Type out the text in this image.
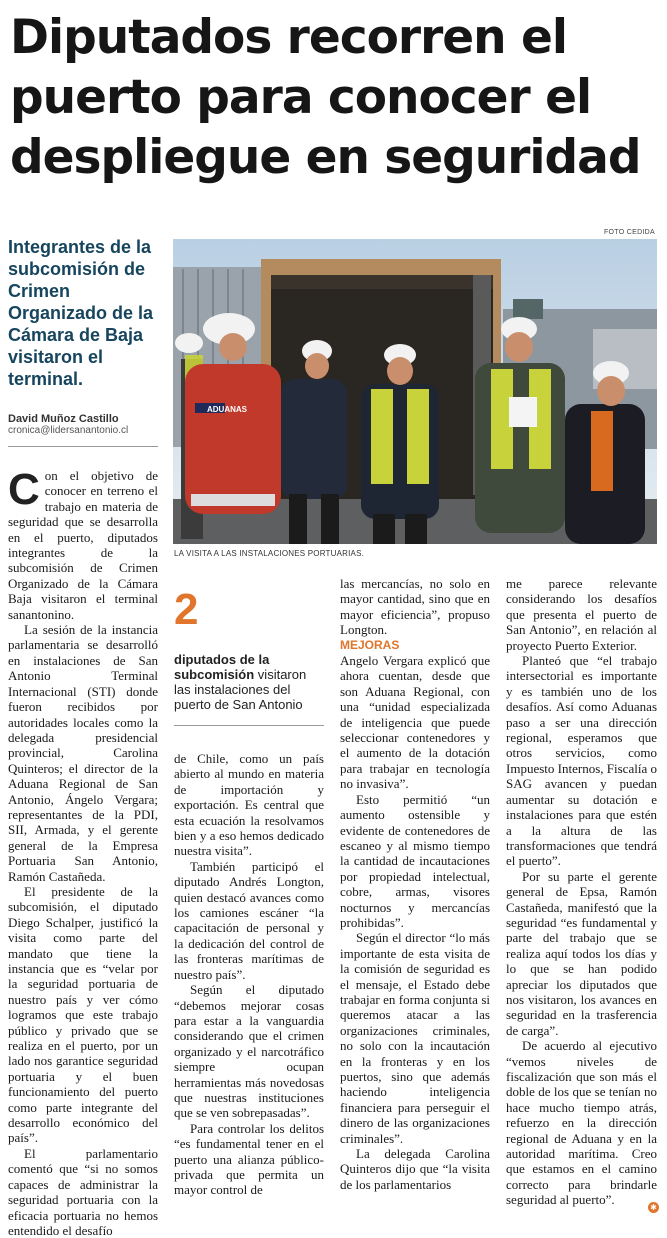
Diputados recorren el puerto para conocer el despliegue en seguridad
FOTO CEDIDA

Integrantes de la subcomisión de Crimen Organizado de la Cámara de Baja visitaron el terminal.

David Muñoz Castillo
cronica@lidersanantonio.cl
ADUANAS
LA VISITA A LAS INSTALACIONES PORTUARIAS.

Con el objetivo de conocer en terreno el trabajo en materia de seguridad que se desarrolla en el puerto, diputados integrantes de la subcomisión de Crimen Organizado de la Cámara Baja visitaron el terminal sanantonino.

La sesión de la instancia parlamentaria se desarrolló en instalaciones de San Antonio Terminal Internacional (STI) donde fueron recibidos por autoridades locales como la delegada presidencial provincial, Carolina Quinteros; el director de la Aduana Regional de San Antonio, Ángelo Vergara; representantes de la PDI, SII, Armada, y el gerente general de la Empresa Portuaria San Antonio, Ramón Castañeda.

El presidente de la subcomisión, el diputado Diego Schalper, justificó la visita como parte del mandato que tiene la instancia que es “velar por la seguridad portuaria de nuestro país y ver cómo logramos que este trabajo público y privado que se realiza en el puerto, por un lado nos garantice seguridad portuaria y el buen funcionamiento del puerto como parte integrante del desarrollo económico del país”.

El parlamentario comentó que “si no somos capaces de administrar la seguridad portuaria con la eficacia portuaria no hemos entendido el desafío

2
diputados de la subcomisión visitaron las instalaciones del puerto de San Antonio

de Chile, como un país abierto al mundo en materia de importación y exportación. Es central que esta ecuación la resolvamos bien y a eso hemos dedicado nuestra visita”.

También participó el diputado Andrés Longton, quien destacó avances como los camiones escáner “la capacitación de personal y la dedicación del control de las fronteras marítimas de nuestro país”.

Según el diputado “debemos mejorar cosas para estar a la vanguardia considerando que el crimen organizado y el narcotráfico siempre ocupan herramientas más novedosas que nuestras instituciones que se ven sobrepasadas”.

Para controlar los delitos “es fundamental tener en el puerto una alianza público-privada que permita un mayor control de

las mercancías, no solo en mayor cantidad, sino que en mayor eficiencia”, propuso Longton.

MEJORAS

Angelo Vergara explicó que ahora cuentan, desde que son Aduana Regional, con una “unidad especializada de inteligencia que puede seleccionar contenedores y el aumento de la dotación para trabajar en tecnología no invasiva”.

Esto permitió “un aumento ostensible y evidente de contenedores de escaneo y al mismo tiempo la cantidad de incautaciones por propiedad intelectual, cobre, armas, visores nocturnos y mercancías prohibidas”.

Según el director “lo más importante de esta visita de la comisión de seguridad es el mensaje, el Estado debe trabajar en forma conjunta si queremos atacar a las organizaciones criminales, no solo con la incautación en la fronteras y en los puertos, sino que además haciendo inteligencia financiera para perseguir el dinero de las organizaciones criminales”.

La delegada Carolina Quinteros dijo que “la visita de los parlamentarios

me parece relevante considerando los desafíos que presenta el puerto de San Antonio”, en relación al proyecto Puerto Exterior.

Planteó que “el trabajo intersectorial es importante y es también uno de los desafíos. Así como Aduanas paso a ser una dirección regional, esperamos que otros servicios, como Impuesto Internos, Fiscalía o SAG avancen y puedan aumentar su dotación e instalaciones para que estén a la altura de las transformaciones que tendrá el puerto”.

Por su parte el gerente general de Epsa, Ramón Castañeda, manifestó que la seguridad “es fundamental y parte del trabajo que se realiza aquí todos los días y lo que se han podido apreciar los diputados que nos visitaron, los avances en seguridad en la trasferencia de carga”.

De acuerdo al ejecutivo “vemos niveles de fiscalización que son más el doble de los que se tenían no hace mucho tiempo atrás, refuerzo en la dirección regional de Aduana y en la autoridad marítima. Creo que estamos en el camino correcto para brindarle seguridad al puerto”.

✱
